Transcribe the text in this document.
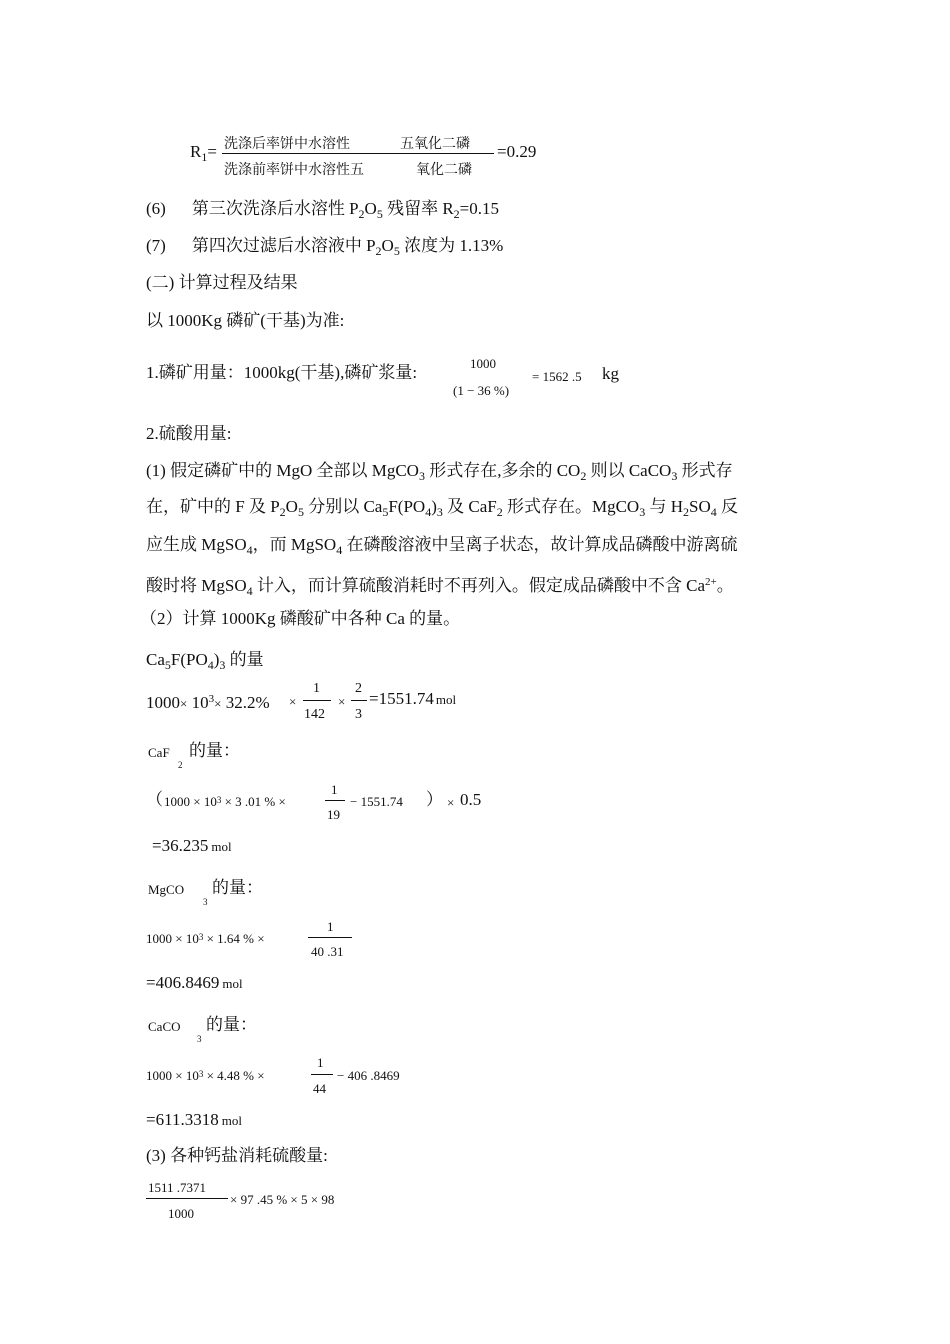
$R_1=$ 洗涤后率饼中水溶性	五氧化二磷
洗涤前率饼中水溶性五	氧化二磷
=0.29
(6) 第三次洗涤后水溶性 $P_2O_5$ 残留率 $R_2=0.15$
(7) 第四次过滤后水溶液中 $P_2O_5$ 浓度为 1.13%
(二) 计算过程及结果
以 1000Kg 磷矿(干基)为准:
1.磷矿用量：1000kg(干基),磷矿浆量:	1000
(1 − 36 %)
= 1562 .5 kg
2.硫酸用量:
(1) 假定磷矿中的 MgO 全部以 MgCO$_3$ 形式存在,多余的 $CO_2$ 则以 CaCO$_3$ 形式存
在，矿中的 F 及 $P_2O_5$ 分别以 $Ca_5F(PO_4)_3$ 及 CaF$_2$ 形式存在。MgCO$_3$ 与 $H_2SO_4$ 反
应生成 MgSO$_4$，而 MgSO$_4$ 在磷酸溶液中呈离子状态，故计算成品磷酸中游离硫
酸时将 MgSO$_4$ 计入，而计算硫酸消耗时不再列入。假定成品磷酸中不含 $Ca^{2+}$。
（2）计算 1000Kg 磷酸矿中各种 Ca 的量。
$Ca_5F(PO_4)_3$ 的量
$1000\times 10^3\times 32.2\%$ ×
1
142
×
2
3
=1551.74 mol
CaF
2
的量：
（ $1000 \times 10^3 \times 3$ .01 % ×
1
19
− 1551.74 ） × 0.5
=36.235 mol
MgCO
3
的量：
$1000 \times 10^3 \times 1.64$ % ×
1
40 .31
=406.8469 mol
CaCO
3
的量：
$1000 \times 10^3 \times 4.48$ % ×
1
44
− 406 .8469
=611.3318 mol
(3) 各种钙盐消耗硫酸量:
1511 .7371
1000
× 97 .45 % × 5 × 98
